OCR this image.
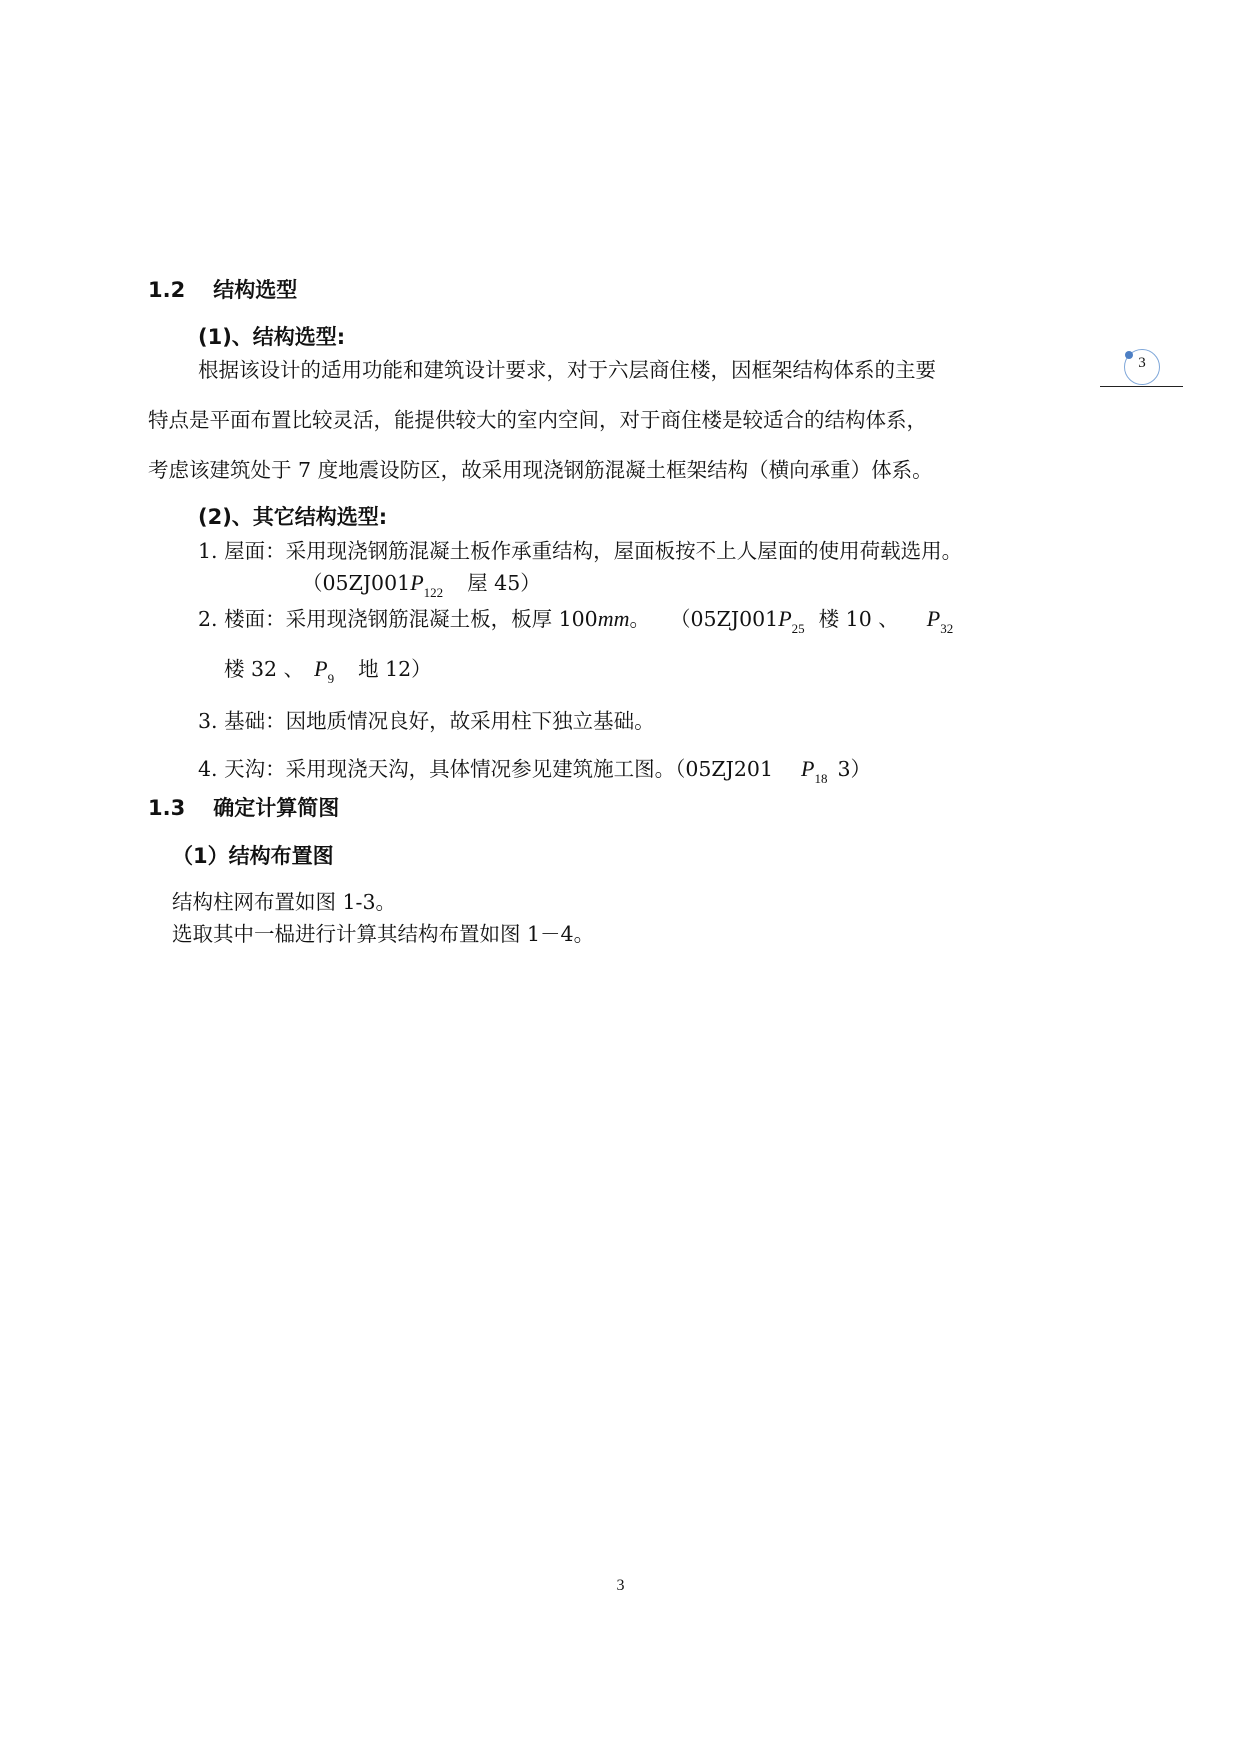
1.2 结构选型
(1)、结构选型:
根据该设计的适用功能和建筑设计要求，对于六层商住楼，因框架结构体系的主要
特点是平面布置比较灵活，能提供较大的室内空间，对于商住楼是较适合的结构体系，
考虑该建筑处于 7 度地震设防区，故采用现浇钢筋混凝土框架结构（横向承重）体系。
3
(2)、其它结构选型:
1. 屋面：采用现浇钢筋混凝土板作承重结构，屋面板按不上人屋面的使用荷载选用。
（$05ZJ001P_{122}$ 屋 45）
2. 楼面：采用现浇钢筋混凝土板，板厚 100mm。 （$05ZJ001P_{25}$ 楼 10 、 $P_{32}$
楼 32 、 $P_9$ 地 12）
3. 基础：因地质情况良好，故采用柱下独立基础。
4. 天沟：采用现浇天沟，具体情况参见建筑施工图。（05ZJ201 $P_{18}$ 3）
1.3 确定计算简图
（1）结构布置图
结构柱网布置如图 1-3。
选取其中一榀进行计算其结构布置如图 1－4。
3
